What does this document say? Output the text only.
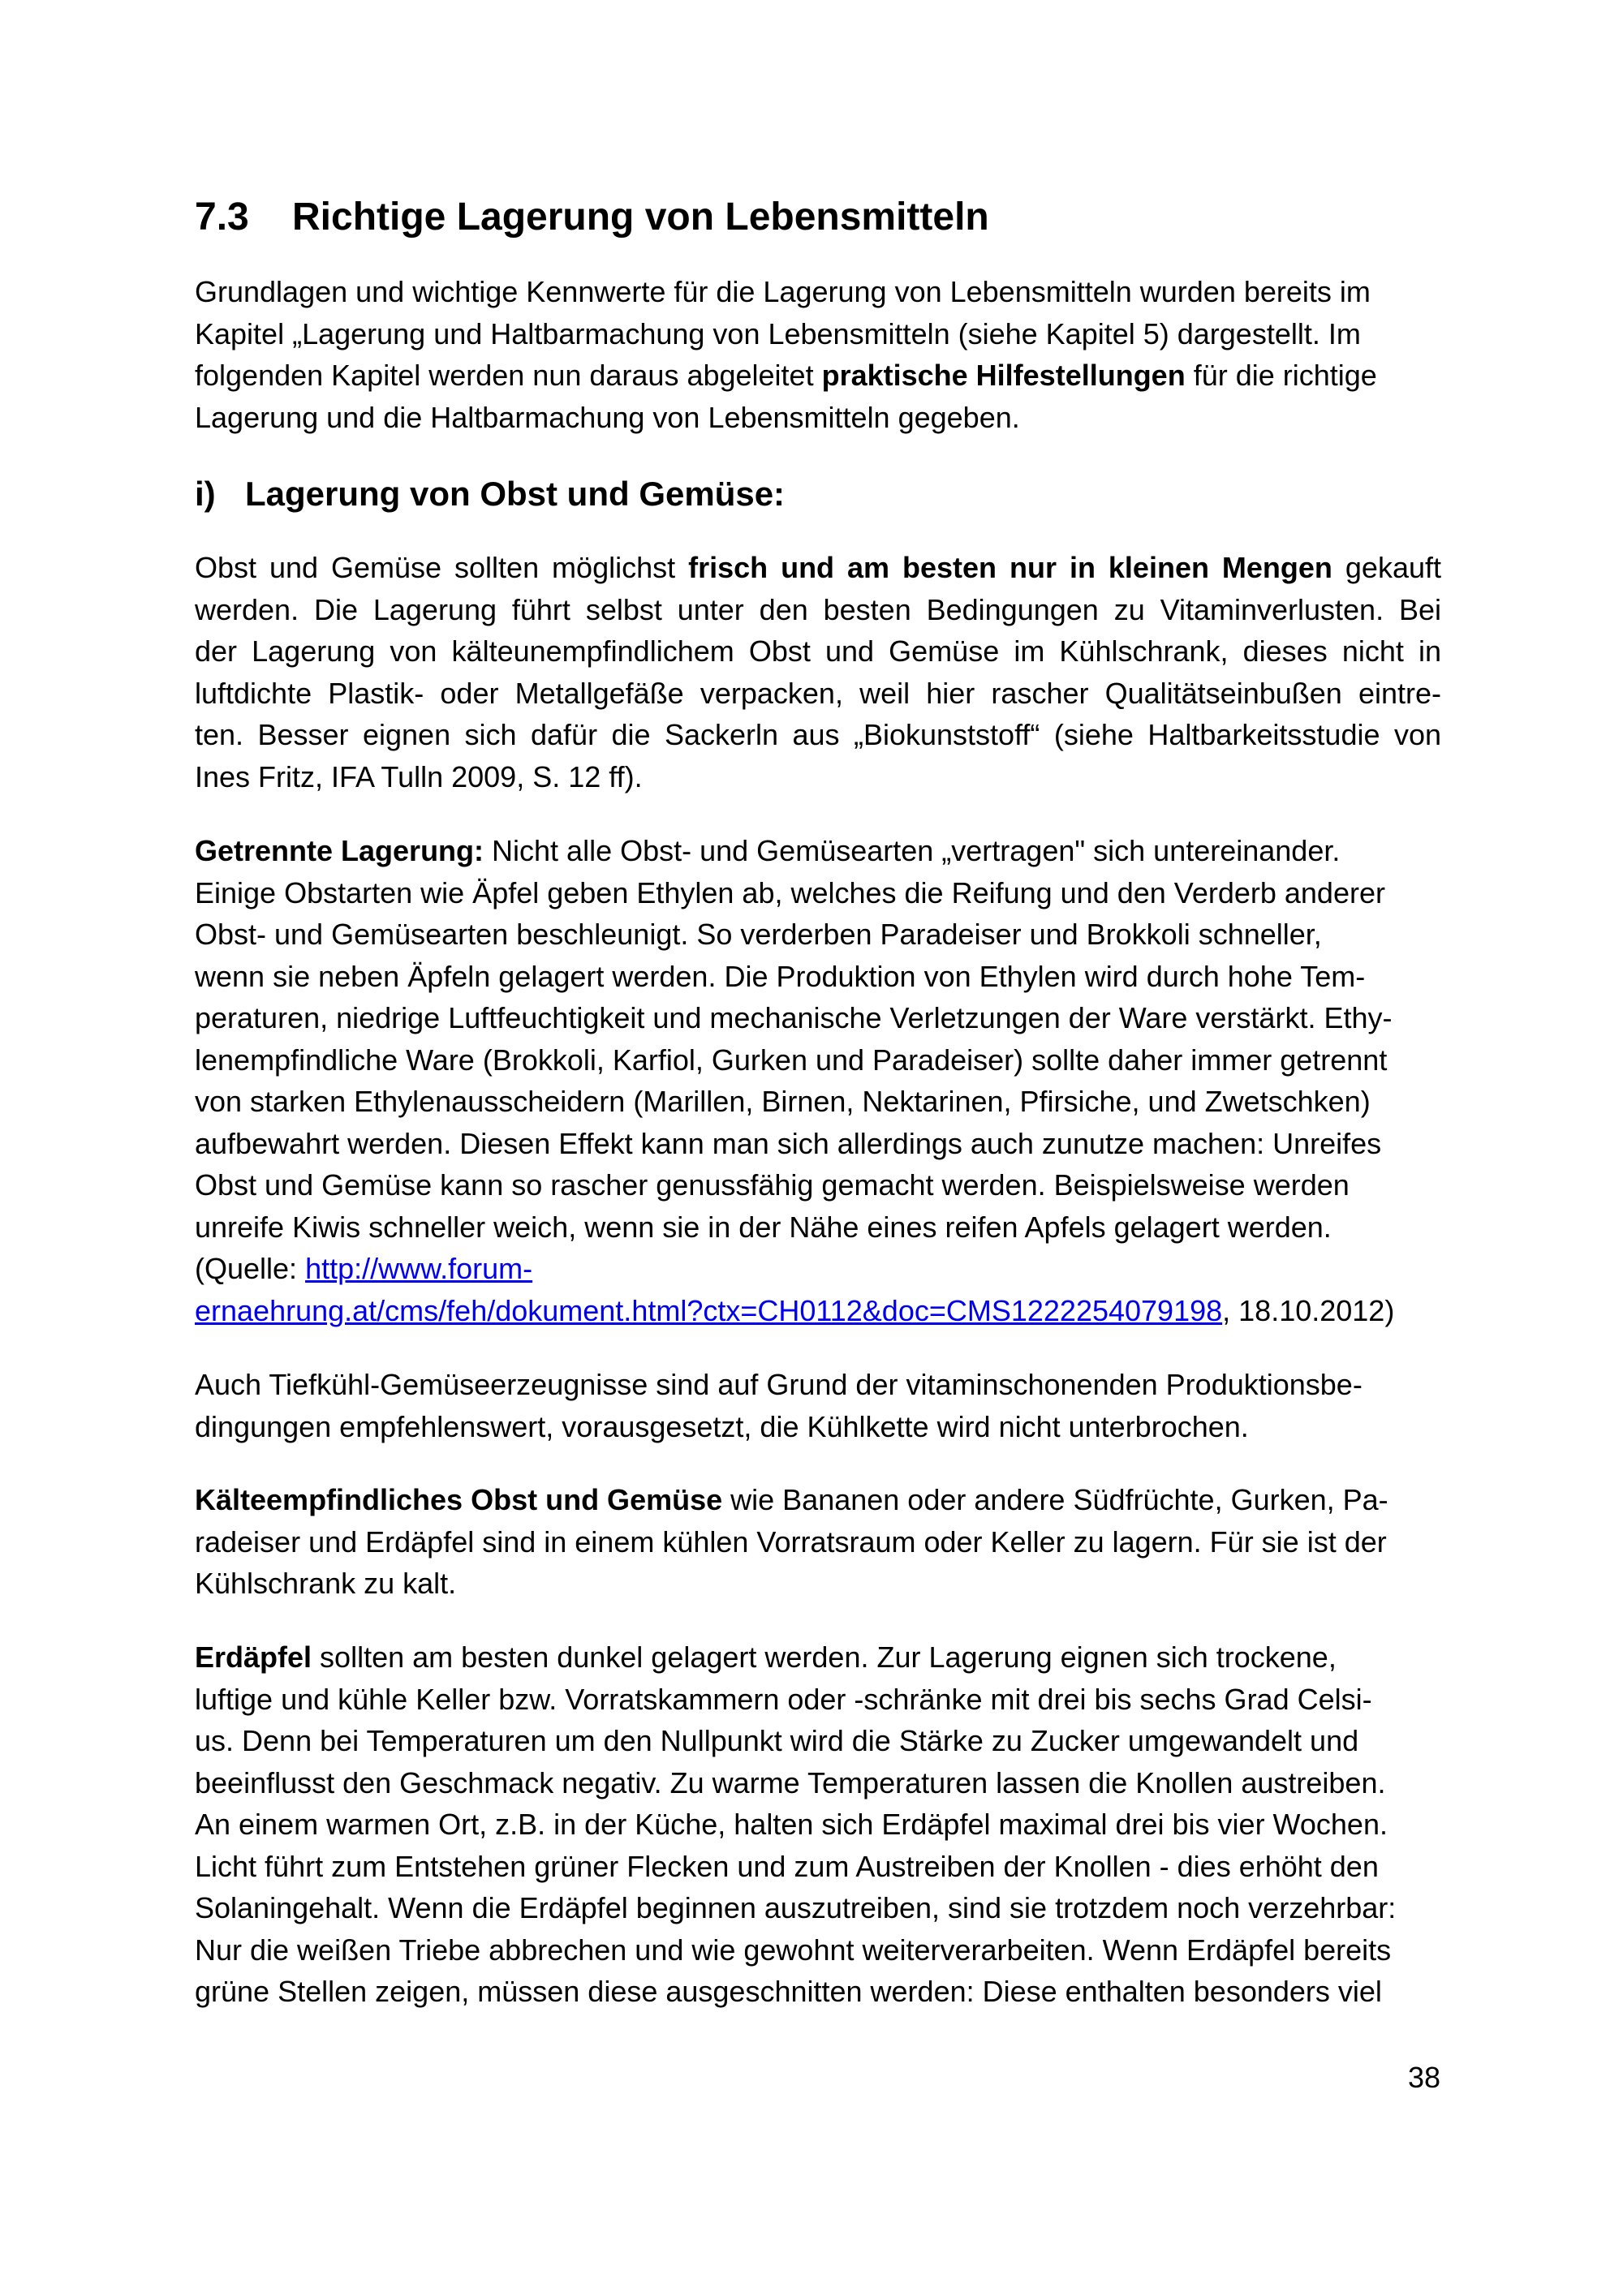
7.3 Richtige Lagerung von Lebensmitteln
i) Lagerung von Obst und Gemüse:
Grundlagen und wichtige Kennwerte für die Lagerung von Lebensmitteln wurden bereits im
Kapitel „Lagerung und Haltbarmachung von Lebensmitteln (siehe Kapitel 5) dargestellt. Im
folgenden Kapitel werden nun daraus abgeleitet praktische Hilfestellungen für die richtige
Lagerung und die Haltbarmachung von Lebensmitteln gegeben.
Obst und Gemüse sollten möglichst frisch und am besten nur in kleinen Mengen gekauft
werden. Die Lagerung führt selbst unter den besten Bedingungen zu Vitaminverlusten. Bei
der Lagerung von kälteunempfindlichem Obst und Gemüse im Kühlschrank, dieses nicht in
luftdichte Plastik- oder Metallgefäße verpacken, weil hier rascher Qualitätseinbußen eintre-
ten. Besser eignen sich dafür die Sackerln aus „Biokunststoff“ (siehe Haltbarkeitsstudie von
Ines Fritz, IFA Tulln 2009, S. 12 ff).
Getrennte Lagerung: Nicht alle Obst- und Gemüsearten „vertragen" sich untereinander.
Einige Obstarten wie Äpfel geben Ethylen ab, welches die Reifung und den Verderb anderer
Obst- und Gemüsearten beschleunigt. So verderben Paradeiser und Brokkoli schneller,
wenn sie neben Äpfeln gelagert werden. Die Produktion von Ethylen wird durch hohe Tem-
peraturen, niedrige Luftfeuchtigkeit und mechanische Verletzungen der Ware verstärkt. Ethy-
lenempfindliche Ware (Brokkoli, Karfiol, Gurken und Paradeiser) sollte daher immer getrennt
von starken Ethylenausscheidern (Marillen, Birnen, Nektarinen, Pfirsiche, und Zwetschken)
aufbewahrt werden. Diesen Effekt kann man sich allerdings auch zunutze machen: Unreifes
Obst und Gemüse kann so rascher genussfähig gemacht werden. Beispielsweise werden
unreife Kiwis schneller weich, wenn sie in der Nähe eines reifen Apfels gelagert werden.
(Quelle: http://www.forum-
ernaehrung.at/cms/feh/dokument.html?ctx=CH0112&doc=CMS1222254079198, 18.10.2012)
Auch Tiefkühl-Gemüseerzeugnisse sind auf Grund der vitaminschonenden Produktionsbe-
dingungen empfehlenswert, vorausgesetzt, die Kühlkette wird nicht unterbrochen.
Kälteempfindliches Obst und Gemüse wie Bananen oder andere Südfrüchte, Gurken, Pa-
radeiser und Erdäpfel sind in einem kühlen Vorratsraum oder Keller zu lagern. Für sie ist der
Kühlschrank zu kalt.
Erdäpfel sollten am besten dunkel gelagert werden. Zur Lagerung eignen sich trockene,
luftige und kühle Keller bzw. Vorratskammern oder -schränke mit drei bis sechs Grad Celsi-
us. Denn bei Temperaturen um den Nullpunkt wird die Stärke zu Zucker umgewandelt und
beeinflusst den Geschmack negativ. Zu warme Temperaturen lassen die Knollen austreiben.
An einem warmen Ort, z.B. in der Küche, halten sich Erdäpfel maximal drei bis vier Wochen.
Licht führt zum Entstehen grüner Flecken und zum Austreiben der Knollen - dies erhöht den
Solaningehalt. Wenn die Erdäpfel beginnen auszutreiben, sind sie trotzdem noch verzehrbar:
Nur die weißen Triebe abbrechen und wie gewohnt weiterverarbeiten. Wenn Erdäpfel bereits
grüne Stellen zeigen, müssen diese ausgeschnitten werden: Diese enthalten besonders viel
38
